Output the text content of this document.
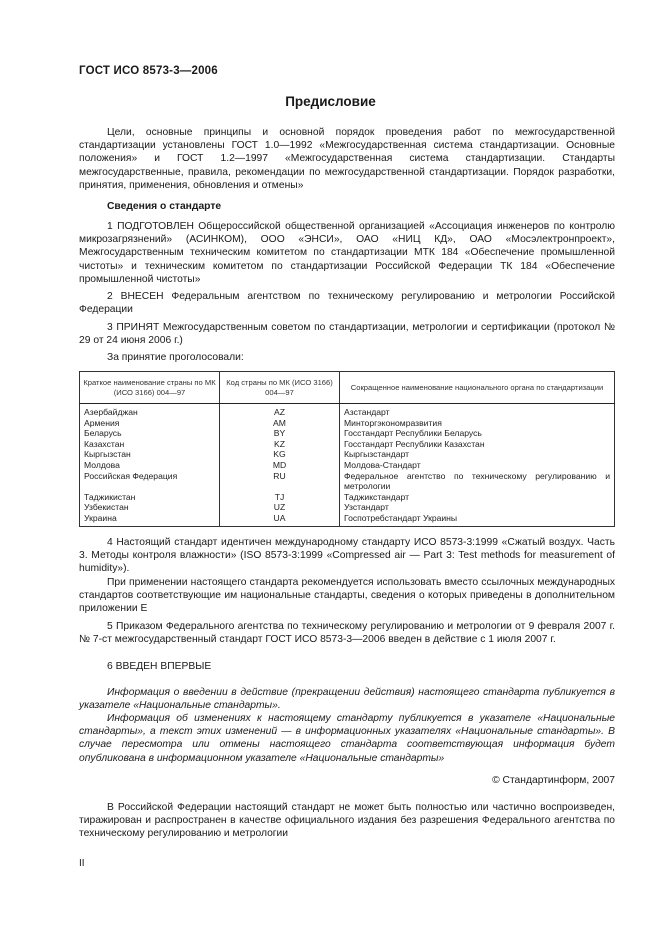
ГОСТ ИСО 8573-3—2006
Предисловие

Цели, основные принципы и основной порядок проведения работ по межгосударственной стандартизации установлены ГОСТ 1.0—1992 «Межгосударственная система стандартизации. Основные положения» и ГОСТ 1.2—1997 «Межгосударственная система стандартизации. Стандарты межгосударственные, правила, рекомендации по межгосударственной стандартизации. Порядок разработки, принятия, применения, обновления и отмены»

Сведения о стандарте

1 ПОДГОТОВЛЕН Общероссийской общественной организацией «Ассоциация инженеров по контролю микрозагрязнений» (АСИНКОМ), ООО «ЭНСИ», ОАО «НИЦ КД», ОАО «Мосэлектронпроект», Межгосударственным техническим комитетом по стандартизации МТК 184 «Обеспечение промышленной чистоты» и техническим комитетом по стандартизации Российской Федерации ТК 184 «Обеспечение промышленной чистоты»

2 ВНЕСЕН Федеральным агентством по техническому регулированию и метрологии Российской Федерации

3 ПРИНЯТ Межгосударственным советом по стандартизации, метрологии и сертификации (протокол № 29 от 24 июня 2006 г.)

За принятие проголосовали:

Краткое наименование страны по МК (ИСО 3166) 004—97	Код страны по МК (ИСО 3166) 004—97	Сокращенное наименование национального органа по стандартизации
Азербайджан	AZ	Азстандарт
Армения	AM	Минторгэкономразвития
Беларусь	BY	Госстандарт Республики Беларусь
Казахстан	KZ	Госстандарт Республики Казахстан
Кыргызстан	KG	Кыргызстандарт
Молдова	MD	Молдова-Стандарт
Российская Федерация	RU	Федеральное агентство по техническому регулированию и метрологии
Таджикистан	TJ	Таджикстандарт
Узбекистан	UZ	Узстандарт
Украина	UA	Госпотребстандарт Украины

4 Настоящий стандарт идентичен международному стандарту ИСО 8573-3:1999 «Сжатый воздух. Часть 3. Методы контроля влажности» (ISO 8573-3:1999 «Compressed air — Part 3: Test methods for measurement of humidity»).

При применении настоящего стандарта рекомендуется использовать вместо ссылочных международных стандартов соответствующие им национальные стандарты, сведения о которых приведены в дополнительном приложении Е

5 Приказом Федерального агентства по техническому регулированию и метрологии от 9 февраля 2007 г. № 7-ст межгосударственный стандарт ГОСТ ИСО 8573-3—2006 введен в действие с 1 июля 2007 г.

6 ВВЕДЕН ВПЕРВЫЕ

Информация о введении в действие (прекращении действия) настоящего стандарта публикуется в указателе «Национальные стандарты».

Информация об изменениях к настоящему стандарту публикуется в указателе «Национальные стандарты», а текст этих изменений — в информационных указателях «Национальные стандарты». В случае пересмотра или отмены настоящего стандарта соответствующая информация будет опубликована в информационном указателе «Национальные стандарты»

© Стандартинформ, 2007

В Российской Федерации настоящий стандарт не может быть полностью или частично воспроизведен, тиражирован и распространен в качестве официального издания без разрешения Федерального агентства по техническому регулированию и метрологии

II
